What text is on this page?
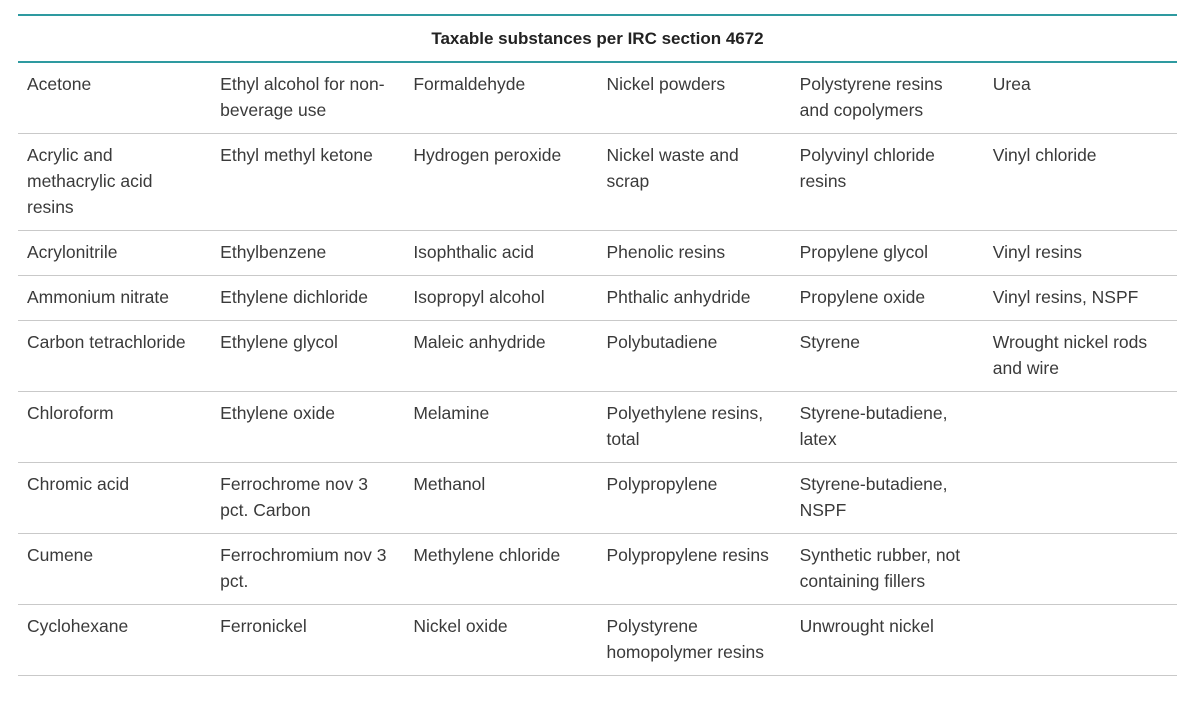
Taxable substances per IRC section 4672					
Acetone	Ethyl alcohol for non-beverage use	Formaldehyde	Nickel powders	Polystyrene resins and copolymers	Urea
Acrylic and methacrylic acid resins	Ethyl methyl ketone	Hydrogen peroxide	Nickel waste and scrap	Polyvinyl chloride resins	Vinyl chloride
Acrylonitrile	Ethylbenzene	Isophthalic acid	Phenolic resins	Propylene glycol	Vinyl resins
Ammonium nitrate	Ethylene dichloride	Isopropyl alcohol	Phthalic anhydride	Propylene oxide	Vinyl resins, NSPF
Carbon tetrachloride	Ethylene glycol	Maleic anhydride	Polybutadiene	Styrene	Wrought nickel rods and wire
Chloroform	Ethylene oxide	Melamine	Polyethylene resins, total	Styrene-butadiene, latex	
Chromic acid	Ferrochrome nov 3 pct. Carbon	Methanol	Polypropylene	Styrene-butadiene, NSPF	
Cumene	Ferrochromium nov 3 pct.	Methylene chloride	Polypropylene resins	Synthetic rubber, not containing fillers	
Cyclohexane	Ferronickel	Nickel oxide	Polystyrene homopolymer resins	Unwrought nickel	
